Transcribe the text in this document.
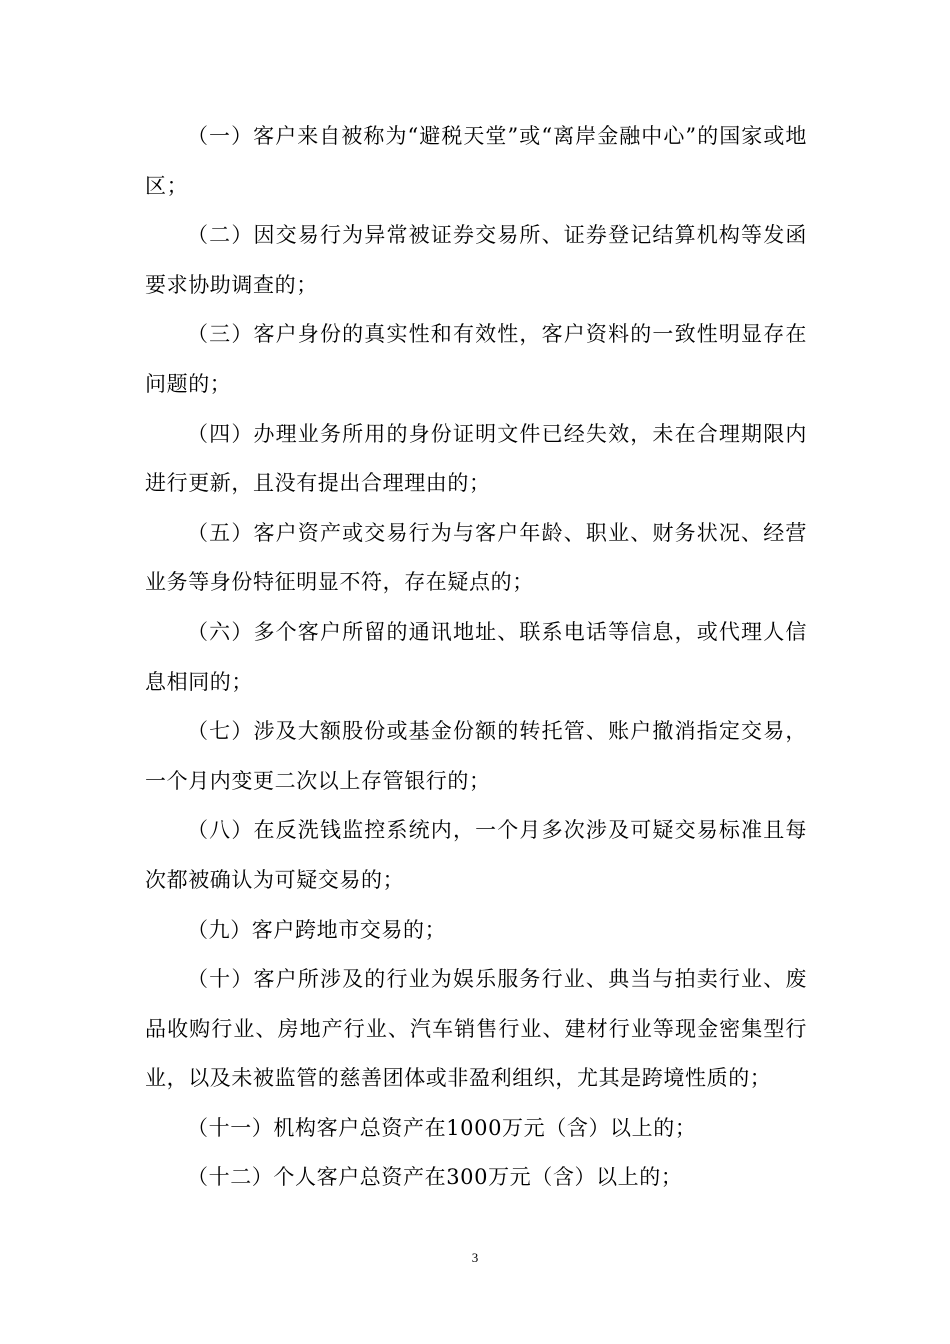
（一）客户来自被称为“避税天堂”或“离岸金融中心”的国家或地区；

（二）因交易行为异常被证券交易所、证券登记结算机构等发函要求协助调查的；

（三）客户身份的真实性和有效性，客户资料的一致性明显存在问题的；

（四）办理业务所用的身份证明文件已经失效，未在合理期限内进行更新，且没有提出合理理由的；

（五）客户资产或交易行为与客户年龄、职业、财务状况、经营业务等身份特征明显不符，存在疑点的；

（六）多个客户所留的通讯地址、联系电话等信息，或代理人信息相同的；

（七）涉及大额股份或基金份额的转托管、账户撤消指定交易，一个月内变更二次以上存管银行的；

（八）在反洗钱监控系统内，一个月多次涉及可疑交易标准且每次都被确认为可疑交易的；

（九）客户跨地市交易的；

（十）客户所涉及的行业为娱乐服务行业、典当与拍卖行业、废品收购行业、房地产行业、汽车销售行业、建材行业等现金密集型行业，以及未被监管的慈善团体或非盈利组织，尤其是跨境性质的；

（十一）机构客户总资产在1000万元（含）以上的；

（十二）个人客户总资产在300万元（含）以上的；

3
